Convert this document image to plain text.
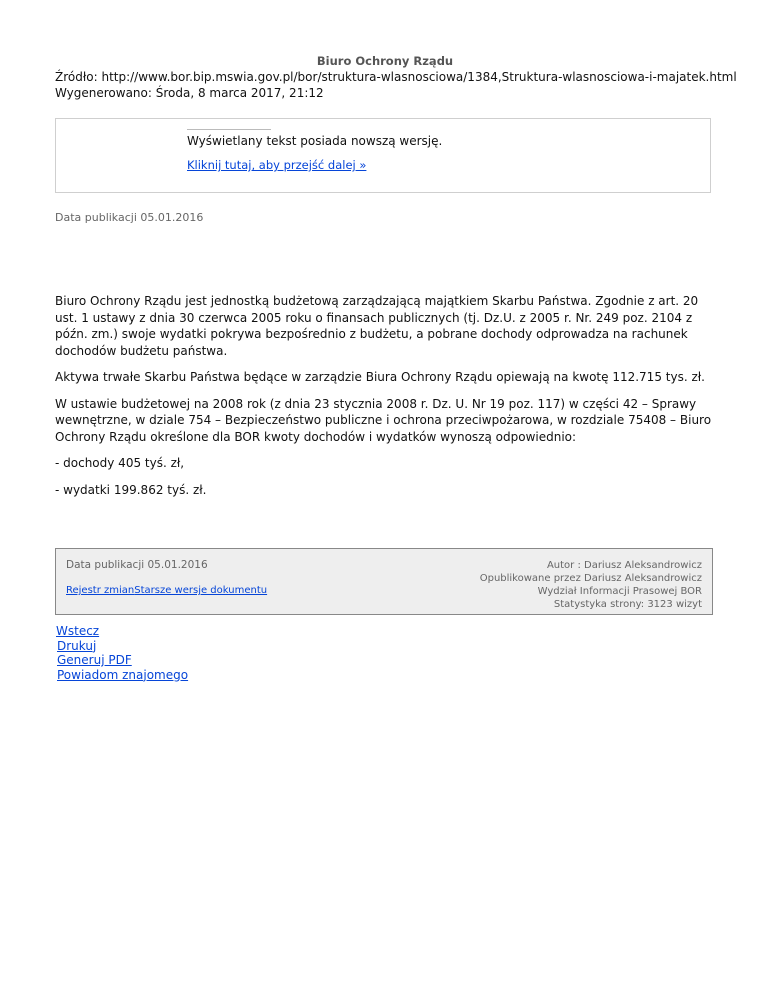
Biuro Ochrony Rządu
Źródło: http://www.bor.bip.mswia.gov.pl/bor/struktura-wlasnosciowa/1384,Struktura-wlasnosciowa-i-majatek.html
Wygenerowano: Środa, 8 marca 2017, 21:12
Wyświetlany tekst posiada nowszą wersję.
Kliknij tutaj, aby przejść dalej »
Data publikacji 05.01.2016

Biuro Ochrony Rządu jest jednostką budżetową zarządzającą majątkiem Skarbu Państwa. Zgodnie z art. 20 ust. 1 ustawy z dnia 30 czerwca 2005 roku o finansach publicznych (tj. Dz.U. z 2005 r. Nr. 249 poz. 2104 z późn. zm.) swoje wydatki pokrywa bezpośrednio z budżetu, a pobrane dochody odprowadza na rachunek dochodów budżetu państwa.

Aktywa trwałe Skarbu Państwa będące w zarządzie Biura Ochrony Rządu opiewają na kwotę 112.715 tys. zł.

W ustawie budżetowej na 2008 rok (z dnia 23 stycznia 2008 r. Dz. U. Nr 19 poz. 117) w części 42 – Sprawy wewnętrzne, w dziale 754 – Bezpieczeństwo publiczne i ochrona przeciwpożarowa, w rozdziale 75408 – Biuro Ochrony Rządu określone dla BOR kwoty dochodów i wydatków wynoszą odpowiednio:

- dochody 405 tyś. zł,

- wydatki 199.862 tyś. zł.

Data publikacji 05.01.2016
Rejestr zmianStarsze wersje dokumentu
Autor : Dariusz Aleksandrowicz
Opublikowane przez Dariusz Aleksandrowicz
Wydział Informacji Prasowej BOR
Statystyka strony: 3123 wizyt
Wstecz
Drukuj
Generuj PDF
Powiadom znajomego
